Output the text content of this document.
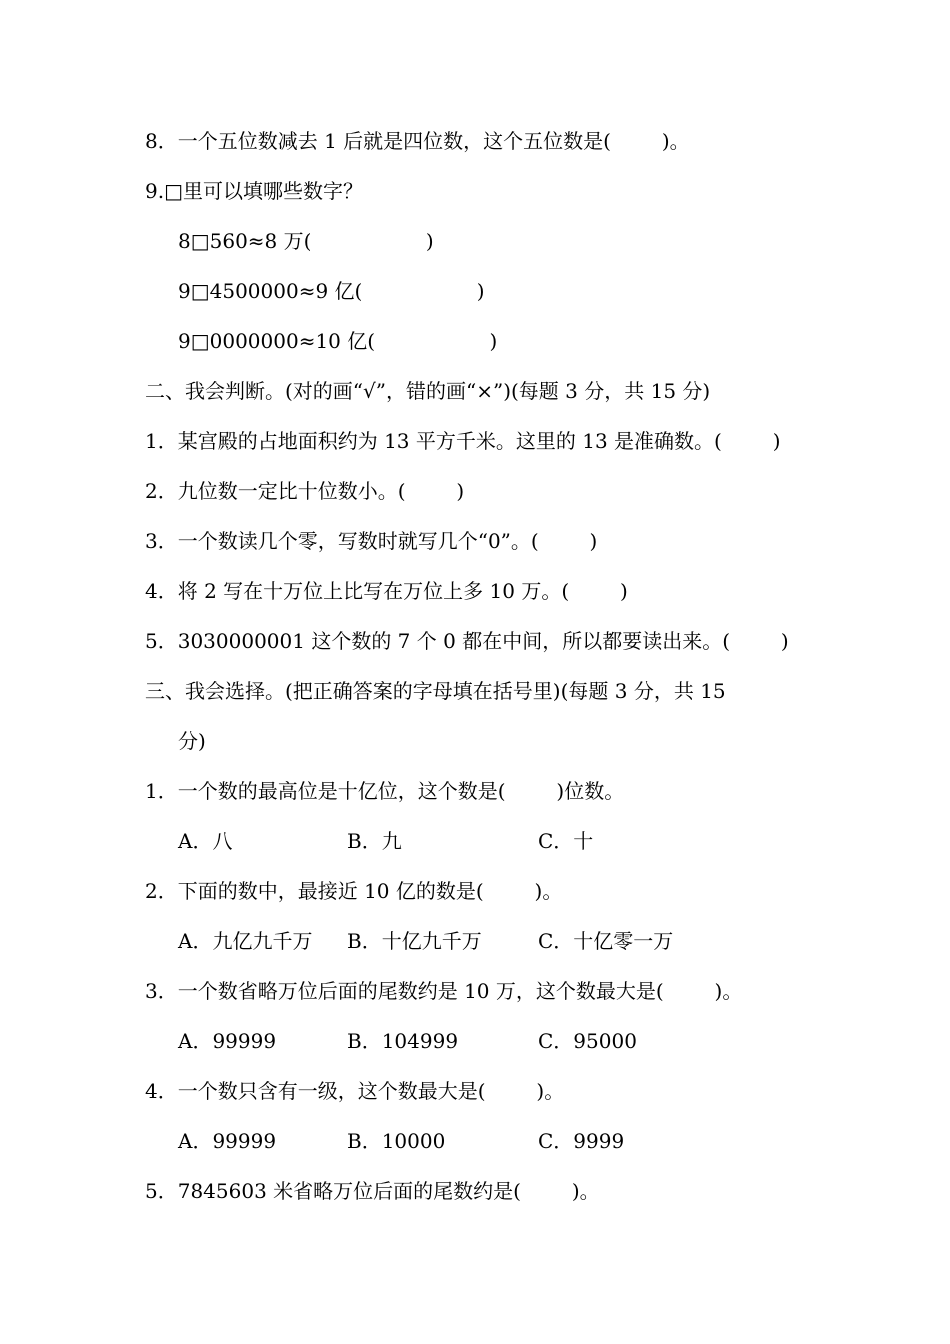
8．一个五位数减去 1 后就是四位数，这个五位数是(        )。
9.□里可以填哪些数字？
8□560≈8 万(                  )
9□4500000≈9 亿(                  )
9□0000000≈10 亿(                  )
二、我会判断。(对的画“√”，错的画“×”)(每题 3 分，共 15 分)
1．某宫殿的占地面积约为 13 平方千米。这里的 13 是准确数。(        )
2．九位数一定比十位数小。(        )
3．一个数读几个零，写数时就写几个“0”。(        )
4．将 2 写在十万位上比写在万位上多 10 万。(        )
5．3030000001 这个数的 7 个 0 都在中间，所以都要读出来。(        )
三、我会选择。(把正确答案的字母填在括号里)(每题 3 分，共 15
分)
1．一个数的最高位是十亿位，这个数是(        )位数。
A．八	B．九	C．十
2．下面的数中，最接近 10 亿的数是(        )。
A．九亿九千万 B．十亿九千万	C．十亿零一万
3．一个数省略万位后面的尾数约是 10 万，这个数最大是(        )。
A．99999	B．104999	C．95000
4．一个数只含有一级，这个数最大是(        )。
A．99999	B．10000	C．9999
5．7845603 米省略万位后面的尾数约是(        )。
